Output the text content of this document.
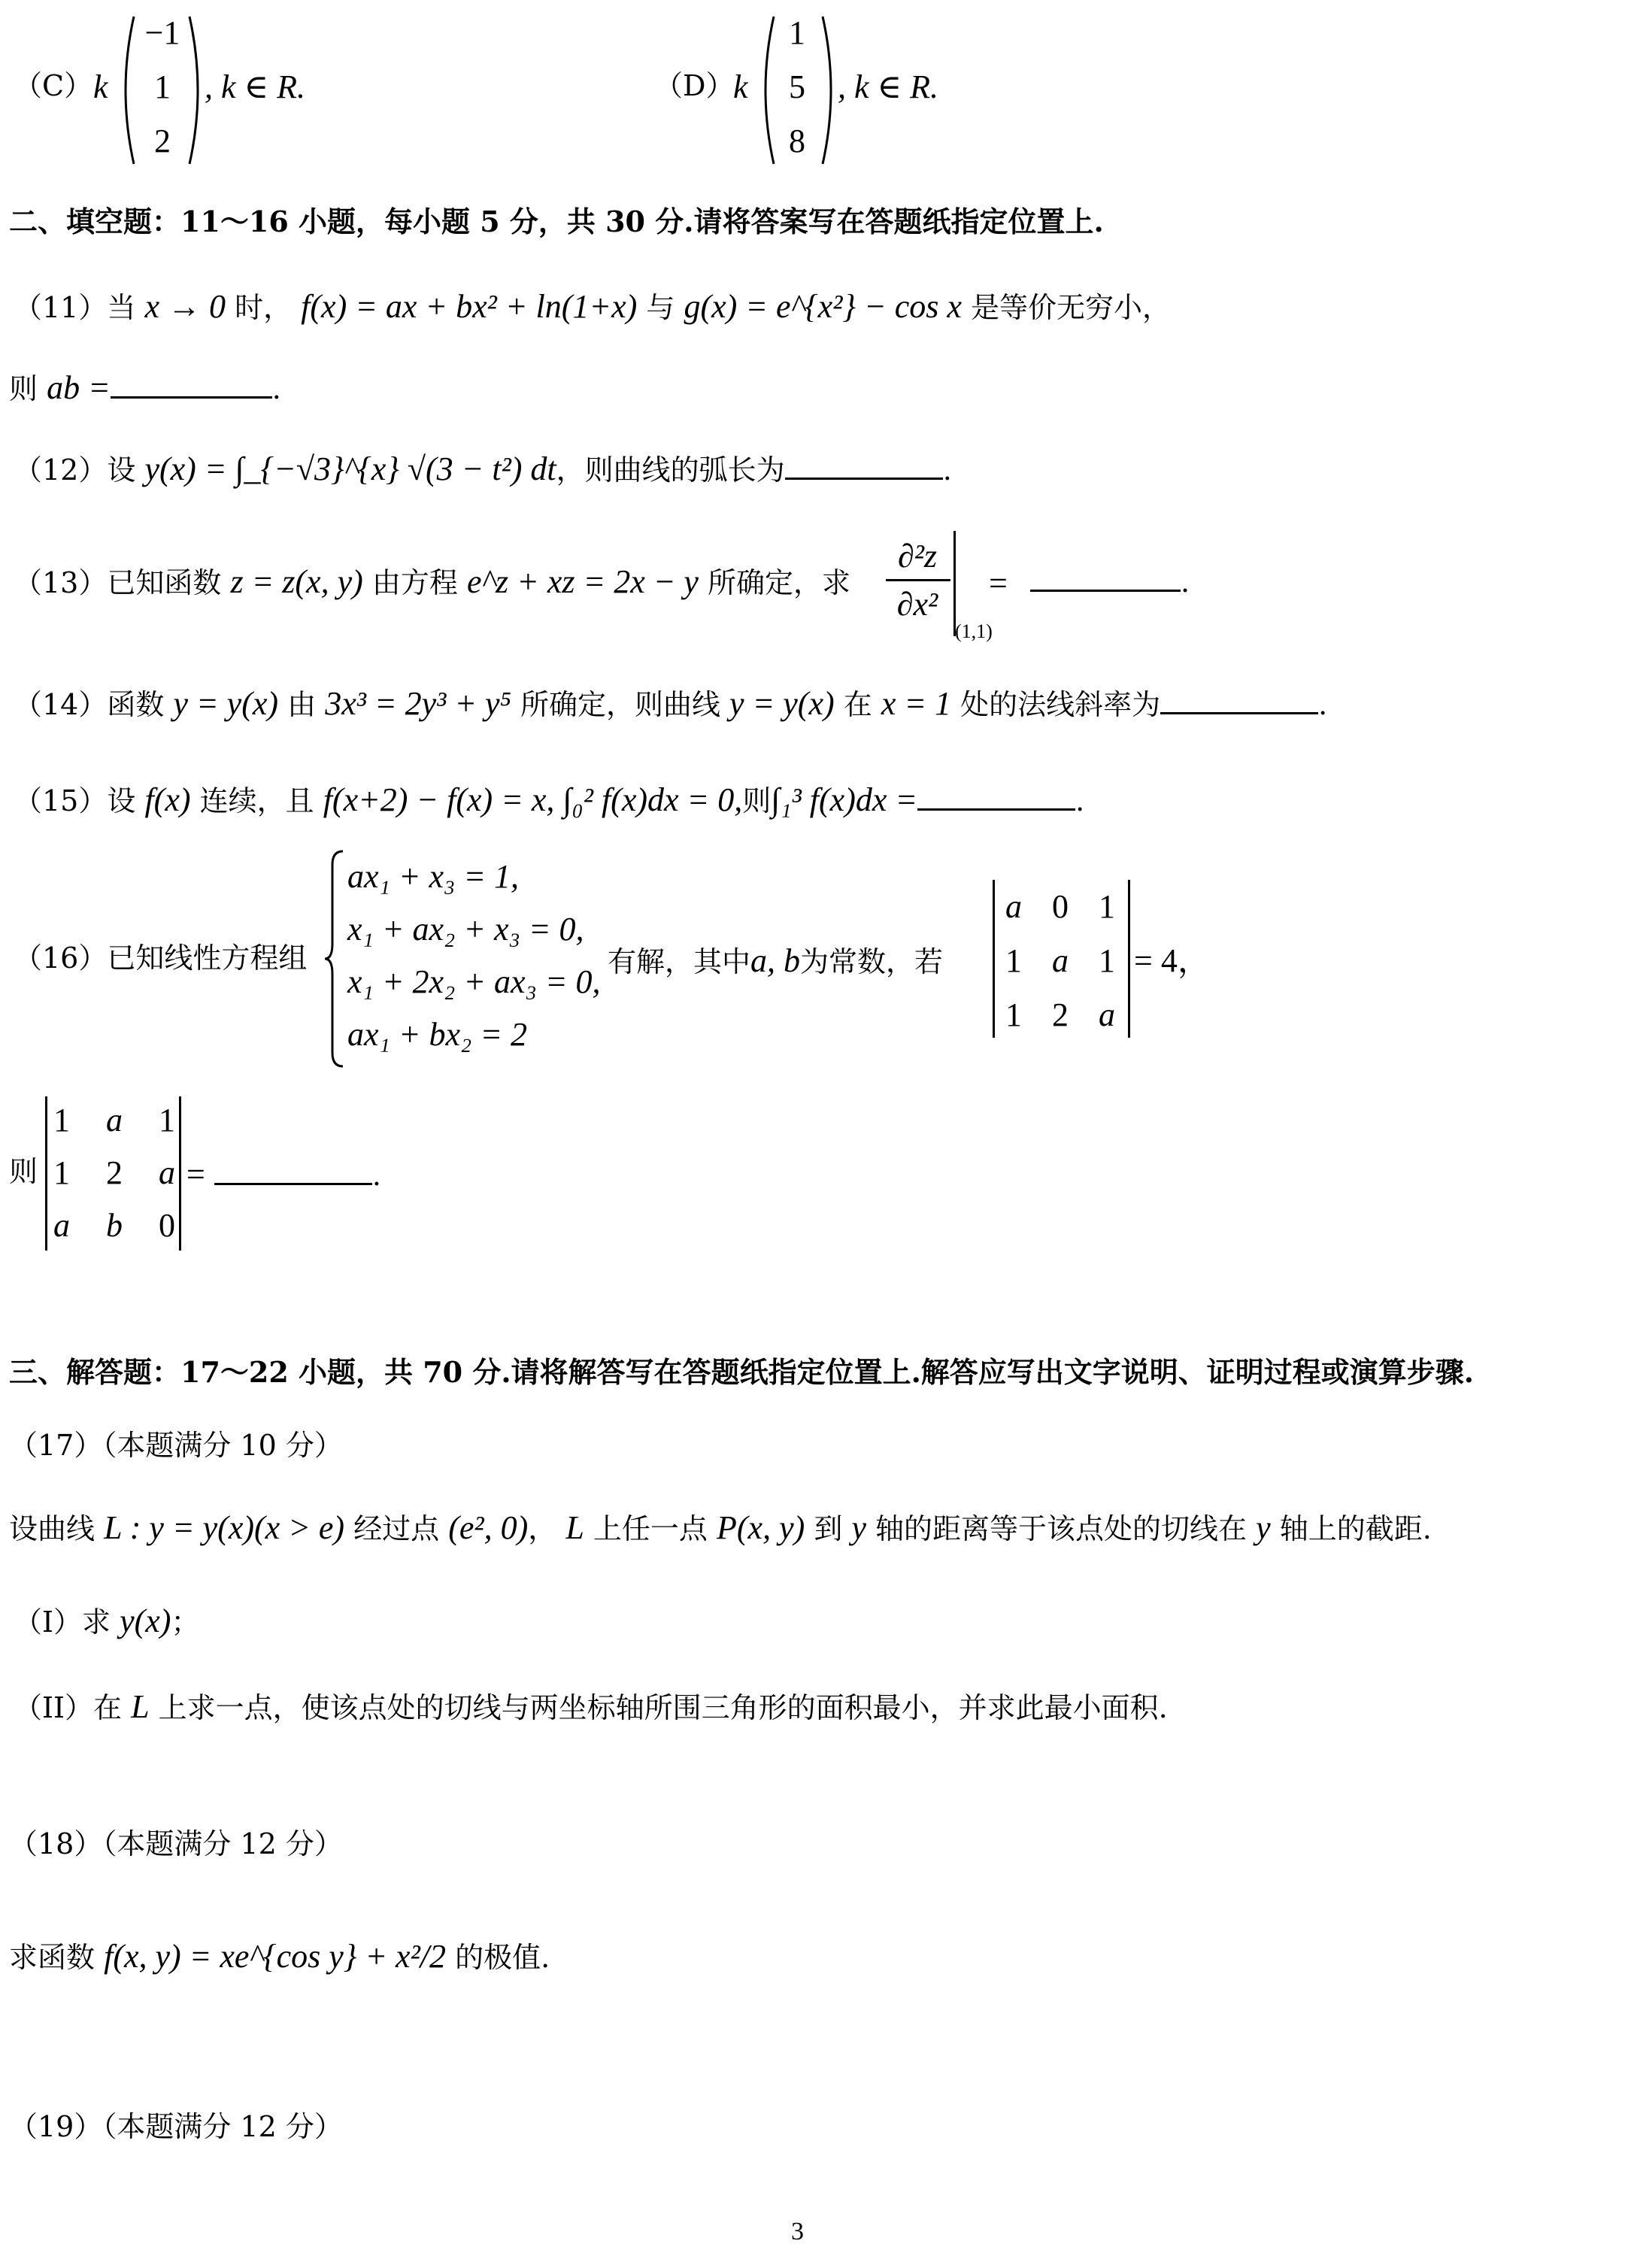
（C） k
−1
1
2
, k ∈ R.	（D）
k
1
5
8
, k ∈ R.
二、填空题：11～16 小题，每小题 5 分，共 30 分.请将答案写在答题纸指定位置上.
（11）当 x → 0 时， f(x) = ax + bx² + ln(1+x) 与 g(x) = e^{x²} − cos x 是等价无穷小，
则 ab =	.
（12）设 y(x) = ∫_{−√3}^{x} √(3 − t²) dt，则曲线的弧长为	.
（13）已知函数 z = z(x, y) 由方程 e^z + xz = 2x − y 所确定，求
∂²z
∂x²
(1,1)
=	.
（14）函数 y = y(x) 由 3x³ = 2y³ + y⁵ 所确定，则曲线 y = y(x) 在 x = 1 处的法线斜率为	.
（15）设 f(x) 连续，且 f(x+2) − f(x) = x, ∫₀² f(x)dx = 0,则∫₁³ f(x)dx =	.
（16）已知线性方程组
ax₁ + x₃ = 1,
x₁ + ax₂ + x₃ = 0,
x₁ + 2x₂ + ax₃ = 0,
ax₁ + bx₂ = 2
有解，其中a, b为常数，若
a 0 1
1 a 1
1 2 a
= 4，
则
1	a	1
1	2	a
a	b	0
=	.
三、解答题：17～22 小题，共 70 分.请将解答写在答题纸指定位置上.解答应写出文字说明、证明过程或演算步骤.
（17）（本题满分 10 分）
设曲线 L : y = y(x)(x > e) 经过点 (e², 0)， L 上任一点 P(x, y) 到 y 轴的距离等于该点处的切线在 y 轴上的截距.
（I）求 y(x)；
（II）在 L 上求一点，使该点处的切线与两坐标轴所围三角形的面积最小，并求此最小面积.
（18）（本题满分 12 分）
求函数 f(x, y) = xe^{cos y} + x²/2 的极值.
（19）（本题满分 12 分）
3
